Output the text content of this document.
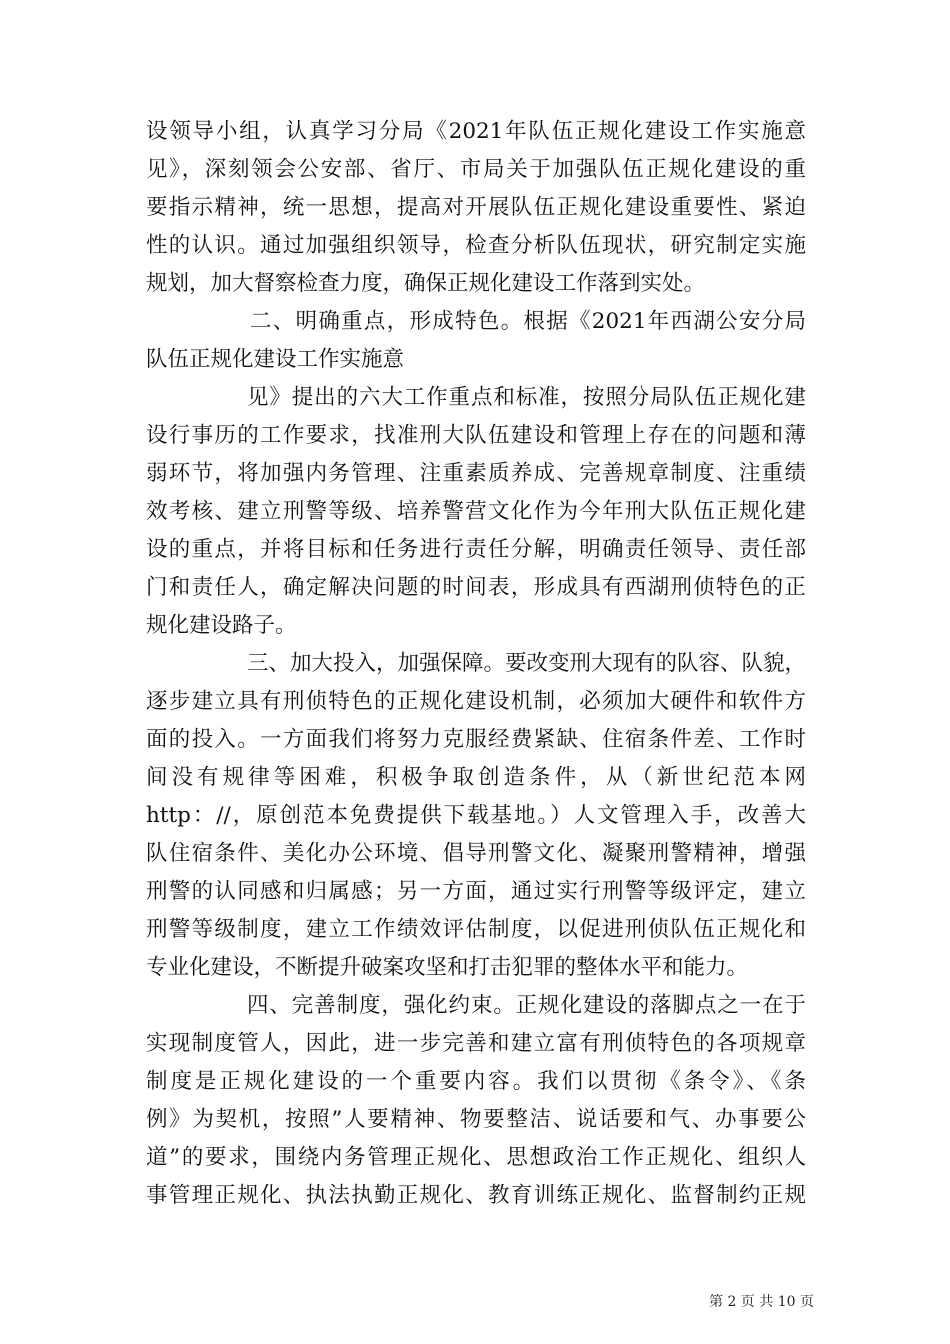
设领导小组，认真学习分局《2021年队伍正规化建设工作实施意
见》，深刻领会公安部、省厅、市局关于加强队伍正规化建设的重
要指示精神，统一思想，提高对开展队伍正规化建设重要性、紧迫
性的认识。通过加强组织领导，检查分析队伍现状，研究制定实施
规划，加大督察检查力度，确保正规化建设工作落到实处。
二、明确重点，形成特色。根据《2021年西湖公安分局
队伍正规化建设工作实施意
见》提出的六大工作重点和标准，按照分局队伍正规化建
设行事历的工作要求，找准刑大队伍建设和管理上存在的问题和薄
弱环节，将加强内务管理、注重素质养成、完善规章制度、注重绩
效考核、建立刑警等级、培养警营文化作为今年刑大队伍正规化建
设的重点，并将目标和任务进行责任分解，明确责任领导、责任部
门和责任人，确定解决问题的时间表，形成具有西湖刑侦特色的正
规化建设路子。
三、加大投入，加强保障。要改变刑大现有的队容、队貌，
逐步建立具有刑侦特色的正规化建设机制，必须加大硬件和软件方
面的投入。一方面我们将努力克服经费紧缺、住宿条件差、工作时
间没有规律等困难，积极争取创造条件，从（新世纪范本网
http：//，原创范本免费提供下载基地。）人文管理入手，改善大
队住宿条件、美化办公环境、倡导刑警文化、凝聚刑警精神，增强
刑警的认同感和归属感；另一方面，通过实行刑警等级评定，建立
刑警等级制度，建立工作绩效评估制度，以促进刑侦队伍正规化和
专业化建设，不断提升破案攻坚和打击犯罪的整体水平和能力。
四、完善制度，强化约束。正规化建设的落脚点之一在于
实现制度管人，因此，进一步完善和建立富有刑侦特色的各项规章
制度是正规化建设的一个重要内容。我们以贯彻《条令》、《条
例》为契机，按照”人要精神、物要整洁、说话要和气、办事要公
道”的要求，围绕内务管理正规化、思想政治工作正规化、组织人
事管理正规化、执法执勤正规化、教育训练正规化、监督制约正规
第 2 页 共 10 页
